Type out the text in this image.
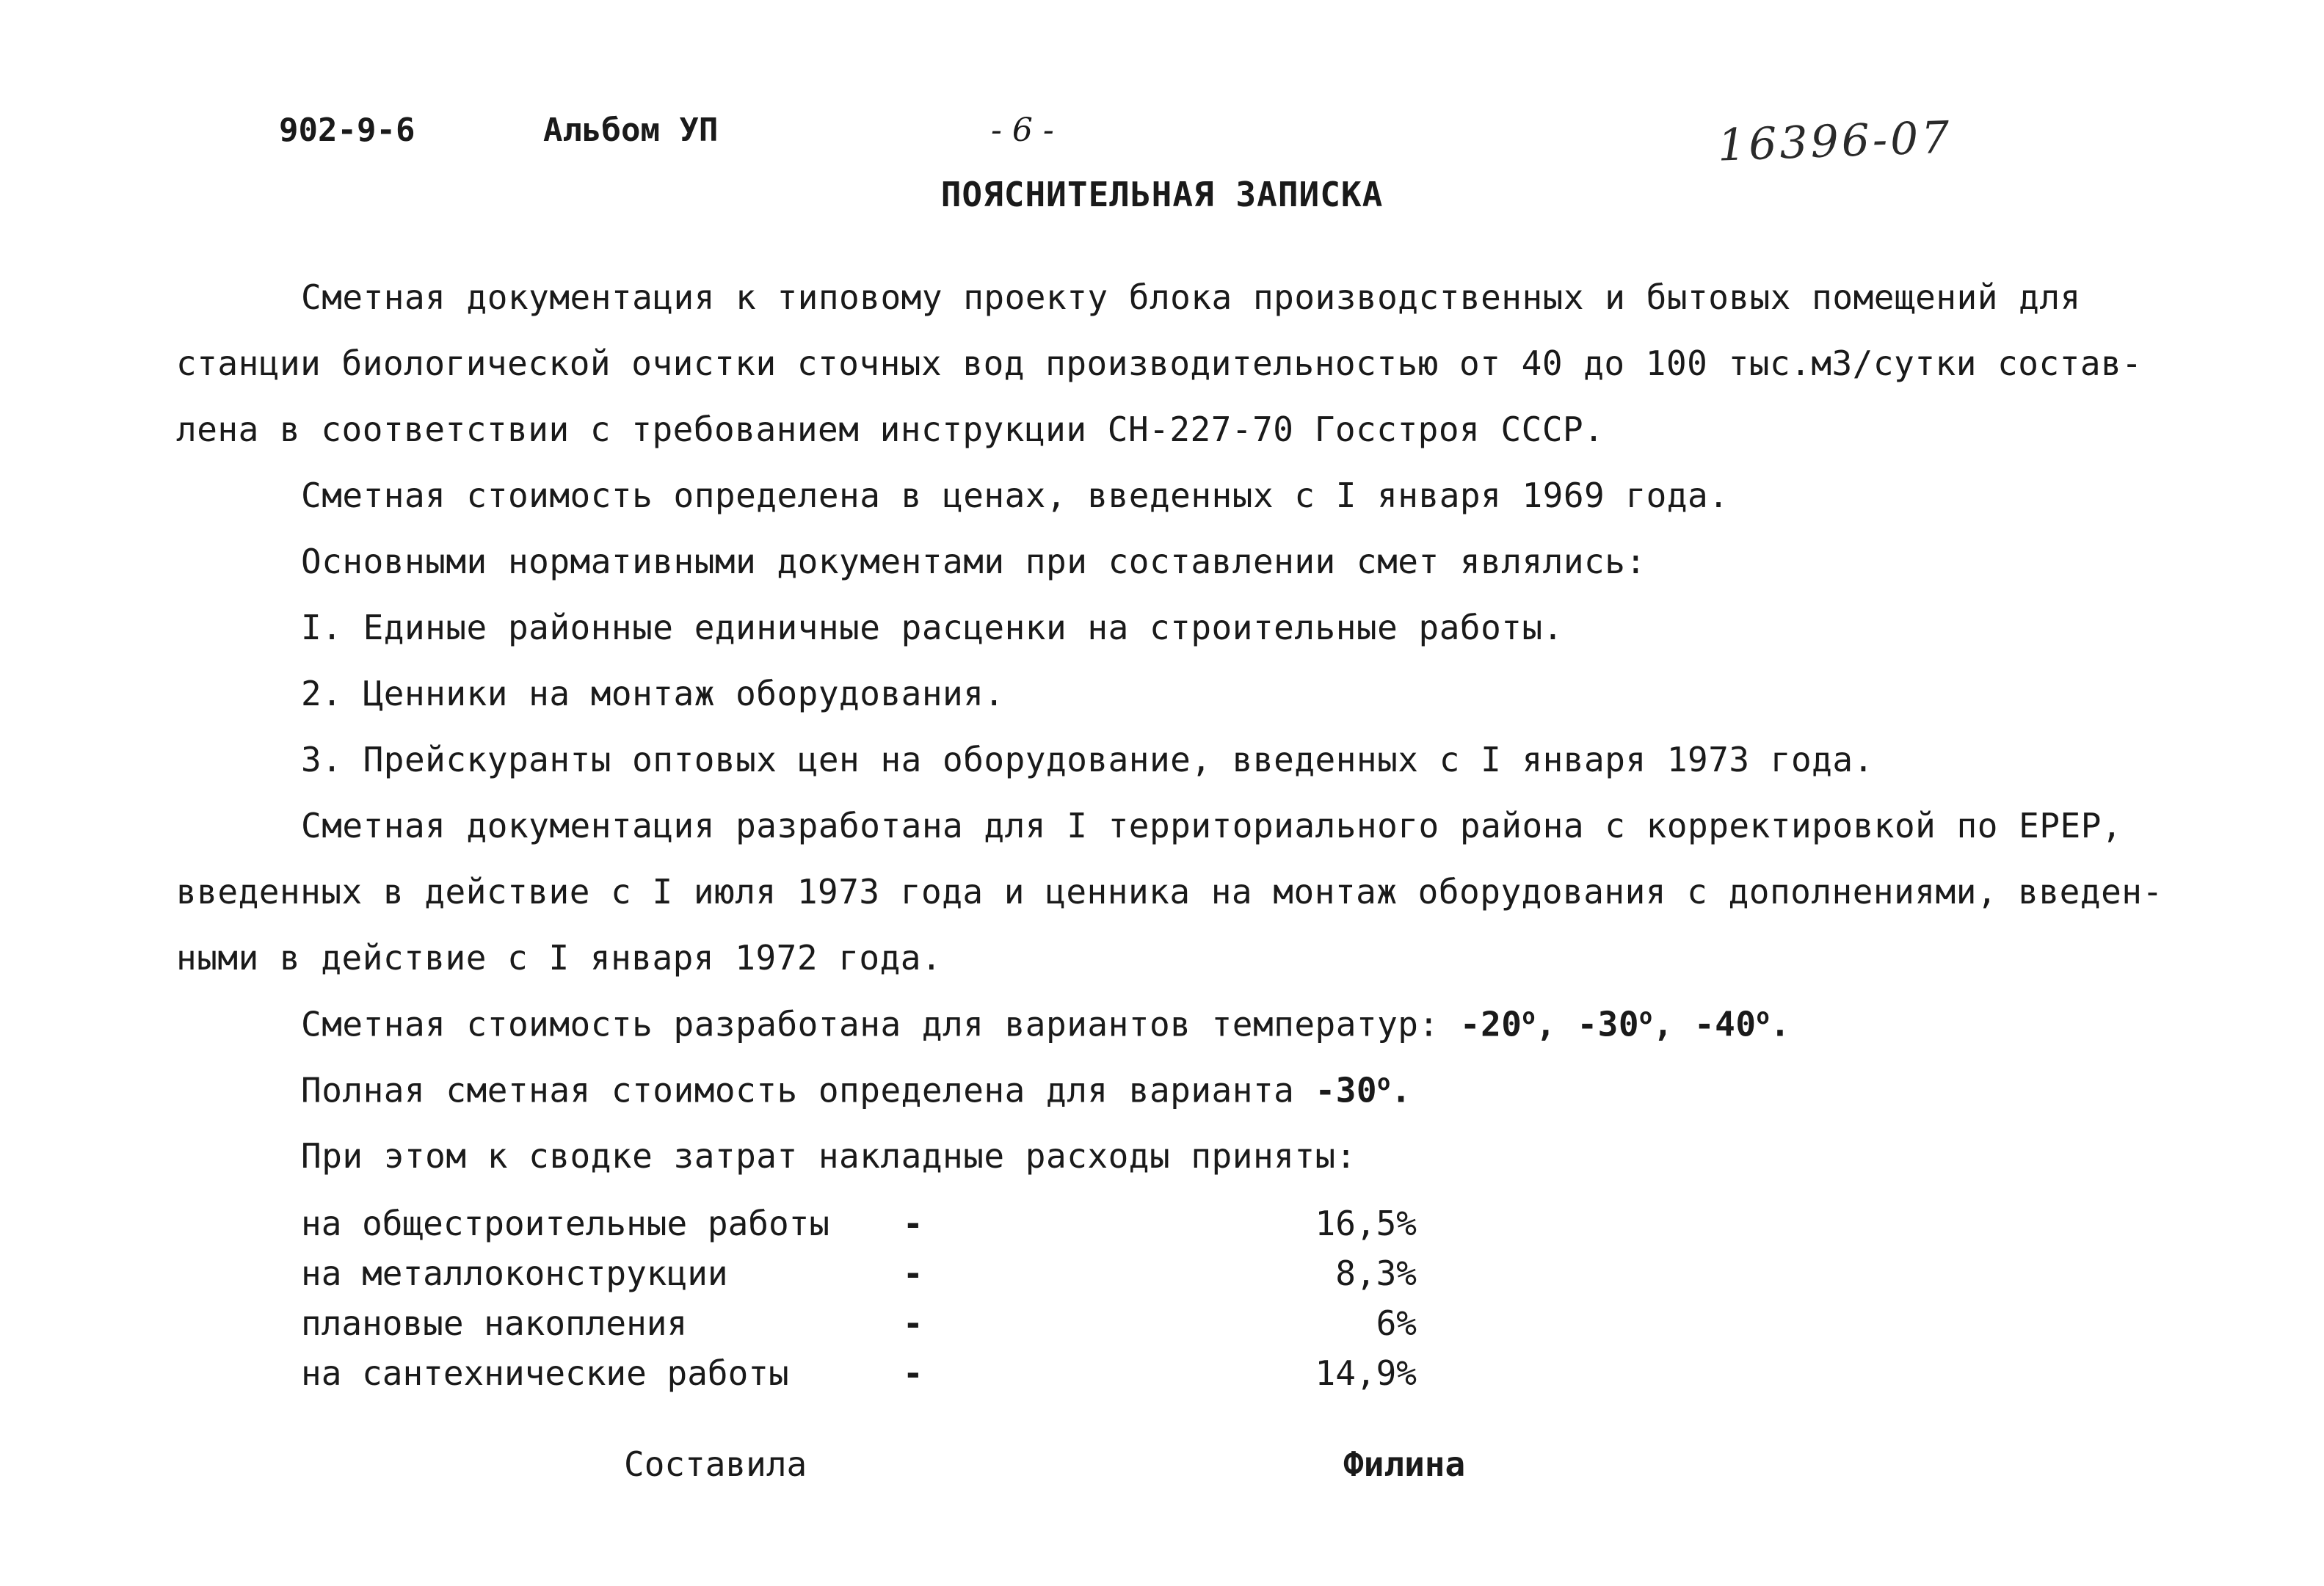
902-9-6	Альбом УП	- 6 -	16396-07
ПОЯСНИТЕЛЬНАЯ ЗАПИСКА
Сметная документация к типовому проекту блока производственных и бытовых помещений для
станции биологической очистки сточных вод производительностью от 40 до 100 тыс.м3/сутки состав-
лена в соответствии с требованием инструкции СН-227-70 Госстроя СССР.
Сметная стоимость определена в ценах, введенных с I января 1969 года.
Основными нормативными документами при составлении смет являлись:
I. Единые районные единичные расценки на строительные работы.
2. Ценники на монтаж оборудования.
3. Прейскуранты оптовых цен на оборудование, введенных с I января 1973 года.
Сметная документация разработана для I территориального района с корректировкой по ЕРЕР,
введенных в действие с I июля 1973 года и ценника на монтаж оборудования с дополнениями, введен-
ными в действие с I января 1972 года.
Сметная стоимость разработана для вариантов температур: -20$^o$, -30$^o$, -40$^o$.
Полная сметная стоимость определена для варианта -30$^o$.
При этом к сводке затрат накладные расходы приняты:
на общестроительные работы -	16,5%
на металлоконструкции	-	8,3%
плановые накопления	-	6%
на сантехнические работы	-	14,9%
Составила	Филина
